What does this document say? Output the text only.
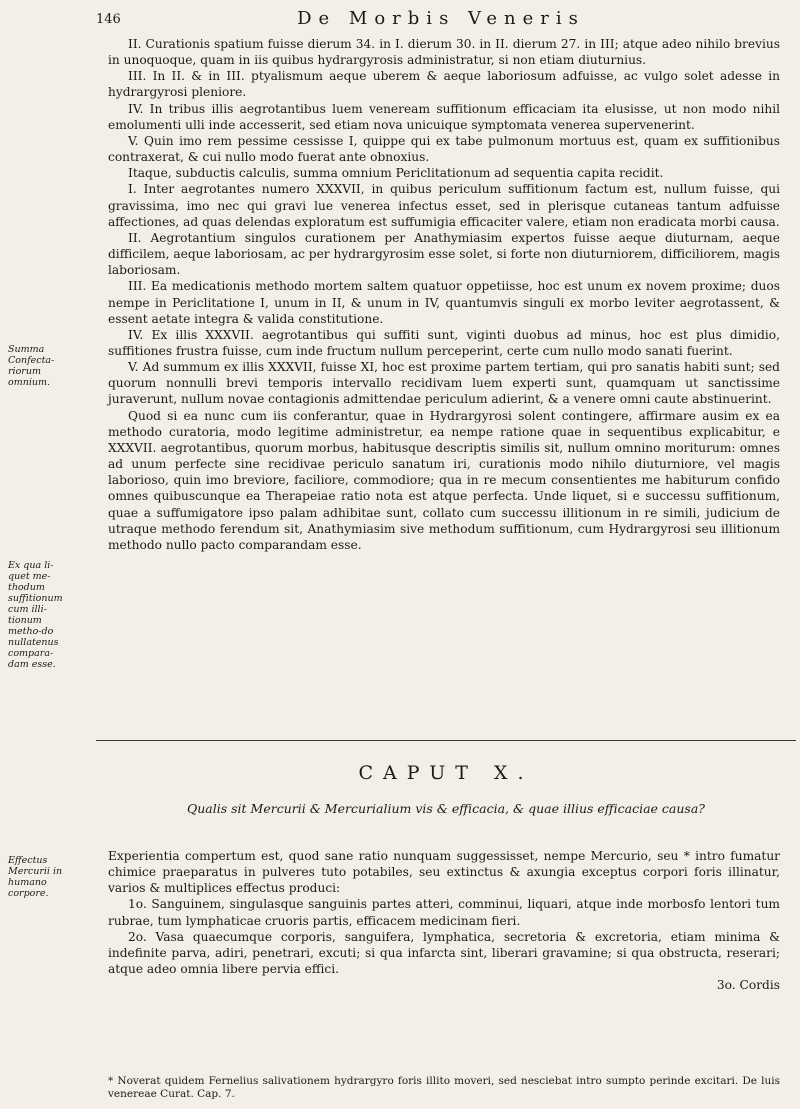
146	De Morbis Veneris
Summa Confecta-riorum omnium.
Ex qua li-quet me-thodum suffitionum cum illi-tionum metho-do nullatenus compara-dam esse.
Effectus Mercurii in humano corpore.

II. Curationis spatium fuisse dierum 34. in I. dierum 30. in II. dierum 27. in III; atque adeo nihilo brevius in unoquoque, quam in iis quibus hydrargyrosis administratur, si non etiam diuturnius.

III. In II. & in III. ptyalismum aeque uberem & aeque laboriosum adfuisse, ac vulgo solet adesse in hydrargyrosi pleniore.

IV. In tribus illis aegrotantibus luem veneream suffitionum efficaciam ita elusisse, ut non modo nihil emolumenti ulli inde accesserit, sed etiam nova unicuique symptomata venerea supervenerint.

V. Quin imo rem pessime cessisse I, quippe qui ex tabe pulmonum mortuus est, quam ex suffitionibus contraxerat, & cui nullo modo fuerat ante obnoxius.

Itaque, subductis calculis, summa omnium Periclitationum ad sequentia capita recidit.

I. Inter aegrotantes numero XXXVII, in quibus periculum suffitionum factum est, nullum fuisse, qui gravissima, imo nec qui gravi lue venerea infectus esset, sed in plerisque cutaneas tantum adfuisse affectiones, ad quas delendas exploratum est suffumigia efficaciter valere, etiam non eradicata morbi causa.

II. Aegrotantium singulos curationem per Anathymiasim expertos fuisse aeque diuturnam, aeque difficilem, aeque laboriosam, ac per hydrargyrosim esse solet, si forte non diuturniorem, difficiliorem, magis laboriosam.

III. Ea medicationis methodo mortem saltem quatuor oppetiisse, hoc est unum ex novem proxime; duos nempe in Periclitatione I, unum in II, & unum in IV, quantumvis singuli ex morbo leviter aegrotassent, & essent aetate integra & valida constitutione.

IV. Ex illis XXXVII. aegrotantibus qui suffiti sunt, viginti duobus ad minus, hoc est plus dimidio, suffitiones frustra fuisse, cum inde fructum nullum perceperint, certe cum nullo modo sanati fuerint.

V. Ad summum ex illis XXXVII, fuisse XI, hoc est proxime partem tertiam, qui pro sanatis habiti sunt; sed quorum nonnulli brevi temporis intervallo recidivam luem experti sunt, quamquam ut sanctissime juraverunt, nullum novae contagionis admittendae periculum adierint, & a venere omni caute abstinuerint.

Quod si ea nunc cum iis conferantur, quae in Hydrargyrosi solent contingere, affirmare ausim ex ea methodo curatoria, modo legitime administretur, ea nempe ratione quae in sequentibus explicabitur, e XXXVII. aegrotantibus, quorum morbus, habitusque descriptis similis sit, nullum omnino moriturum: omnes ad unum perfecte sine recidivae periculo sanatum iri, curationis modo nihilo diuturniore, vel magis laborioso, quin imo breviore, faciliore, commodiore; qua in re mecum consentientes me habiturum confido omnes quibuscunque ea Therapeiae ratio nota est atque perfecta. Unde liquet, si e successu suffitionum, quae a suffumigatore ipso palam adhibitae sunt, collato cum successu illitionum in re simili, judicium de utraque methodo ferendum sit, Anathymiasim sive methodum suffitionum, cum Hydrargyrosi seu illitionum methodo nullo pacto comparandam esse.

CAPUT X.
Qualis sit Mercurii & Mercurialium vis & efficacia, & quae illius efficaciae causa?

Experientia compertum est, quod sane ratio nunquam suggessisset, nempe Mercurio, seu * intro fumatur chimice praeparatus in pulveres tuto potabiles, seu extinctus & axungia exceptus corpori foris illinatur, varios & multiplices effectus produci:

1o. Sanguinem, singulasque sanguinis partes atteri, comminui, liquari, atque inde morbosfo lentori tum rubrae, tum lymphaticae cruoris partis, efficacem medicinam fieri.

2o. Vasa quaecumque corporis, sanguifera, lymphatica, secretoria & excretoria, etiam minima & indefinite parva, adiri, penetrari, excuti; si qua infarcta sint, liberari gravamine; si qua obstructa, reserari; atque adeo omnia libere pervia effici.

3o. Cordis

* Noverat quidem Fernelius salivationem hydrargyro foris illito moveri, sed nesciebat intro sumpto perinde excitari. De luis venereae Curat. Cap. 7.
